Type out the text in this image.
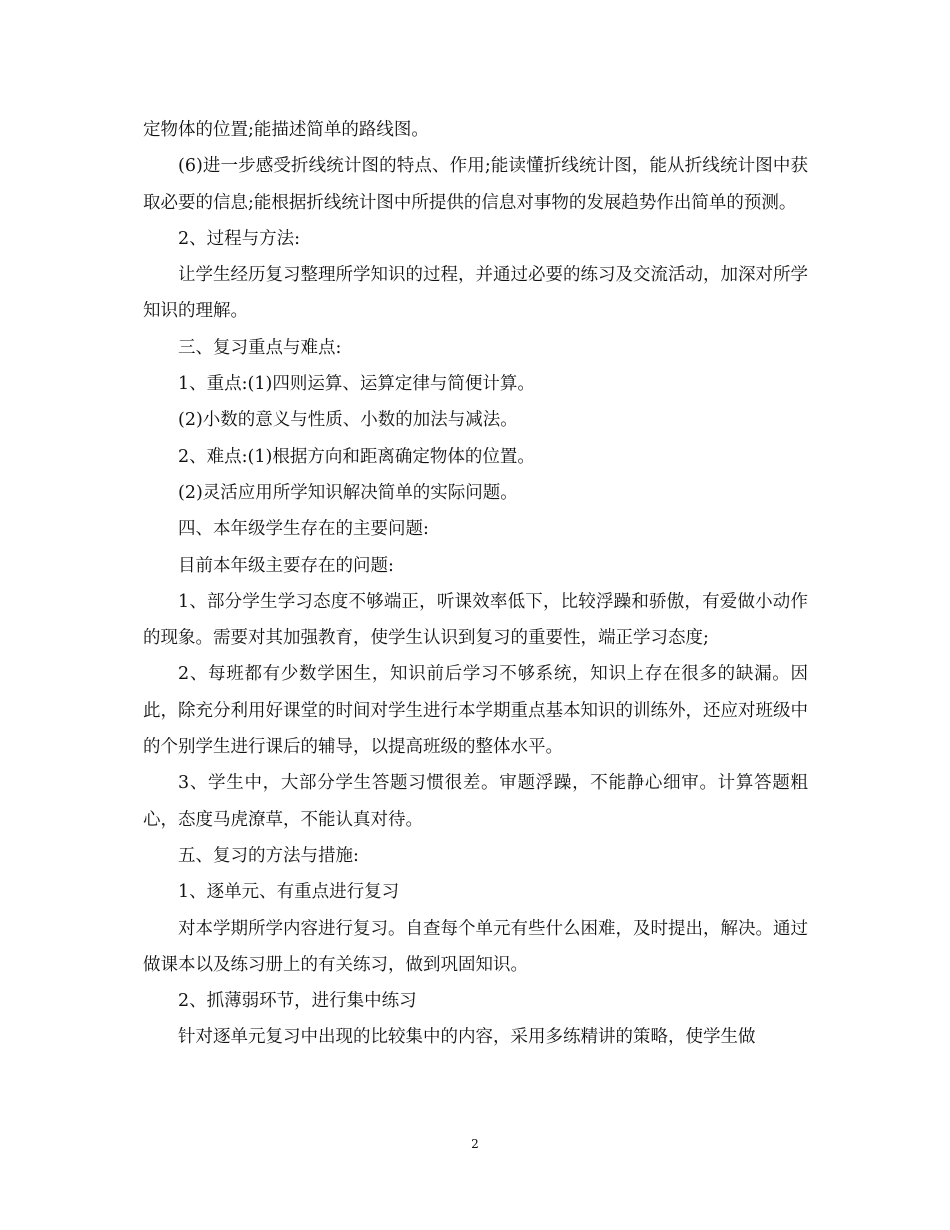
定物体的位置;能描述简单的路线图。

(6)进一步感受折线统计图的特点、作用;能读懂折线统计图，能从折线统计图中获取必要的信息;能根据折线统计图中所提供的信息对事物的发展趋势作出简单的预测。

2、过程与方法:

让学生经历复习整理所学知识的过程，并通过必要的练习及交流活动，加深对所学知识的理解。

三、复习重点与难点:

1、重点:(1)四则运算、运算定律与简便计算。

(2)小数的意义与性质、小数的加法与减法。

2、难点:(1)根据方向和距离确定物体的位置。

(2)灵活应用所学知识解决简单的实际问题。

四、本年级学生存在的主要问题:

目前本年级主要存在的问题:

1、部分学生学习态度不够端正，听课效率低下，比较浮躁和骄傲，有爱做小动作的现象。需要对其加强教育，使学生认识到复习的重要性，端正学习态度;

2、每班都有少数学困生，知识前后学习不够系统，知识上存在很多的缺漏。因此，除充分利用好课堂的时间对学生进行本学期重点基本知识的训练外，还应对班级中的个别学生进行课后的辅导，以提高班级的整体水平。

3、学生中，大部分学生答题习惯很差。审题浮躁，不能静心细审。计算答题粗心，态度马虎潦草，不能认真对待。

五、复习的方法与措施:

1、逐单元、有重点进行复习

对本学期所学内容进行复习。自查每个单元有些什么困难，及时提出，解决。通过做课本以及练习册上的有关练习，做到巩固知识。

2、抓薄弱环节，进行集中练习

针对逐单元复习中出现的比较集中的内容，采用多练精讲的策略，使学生做

2
